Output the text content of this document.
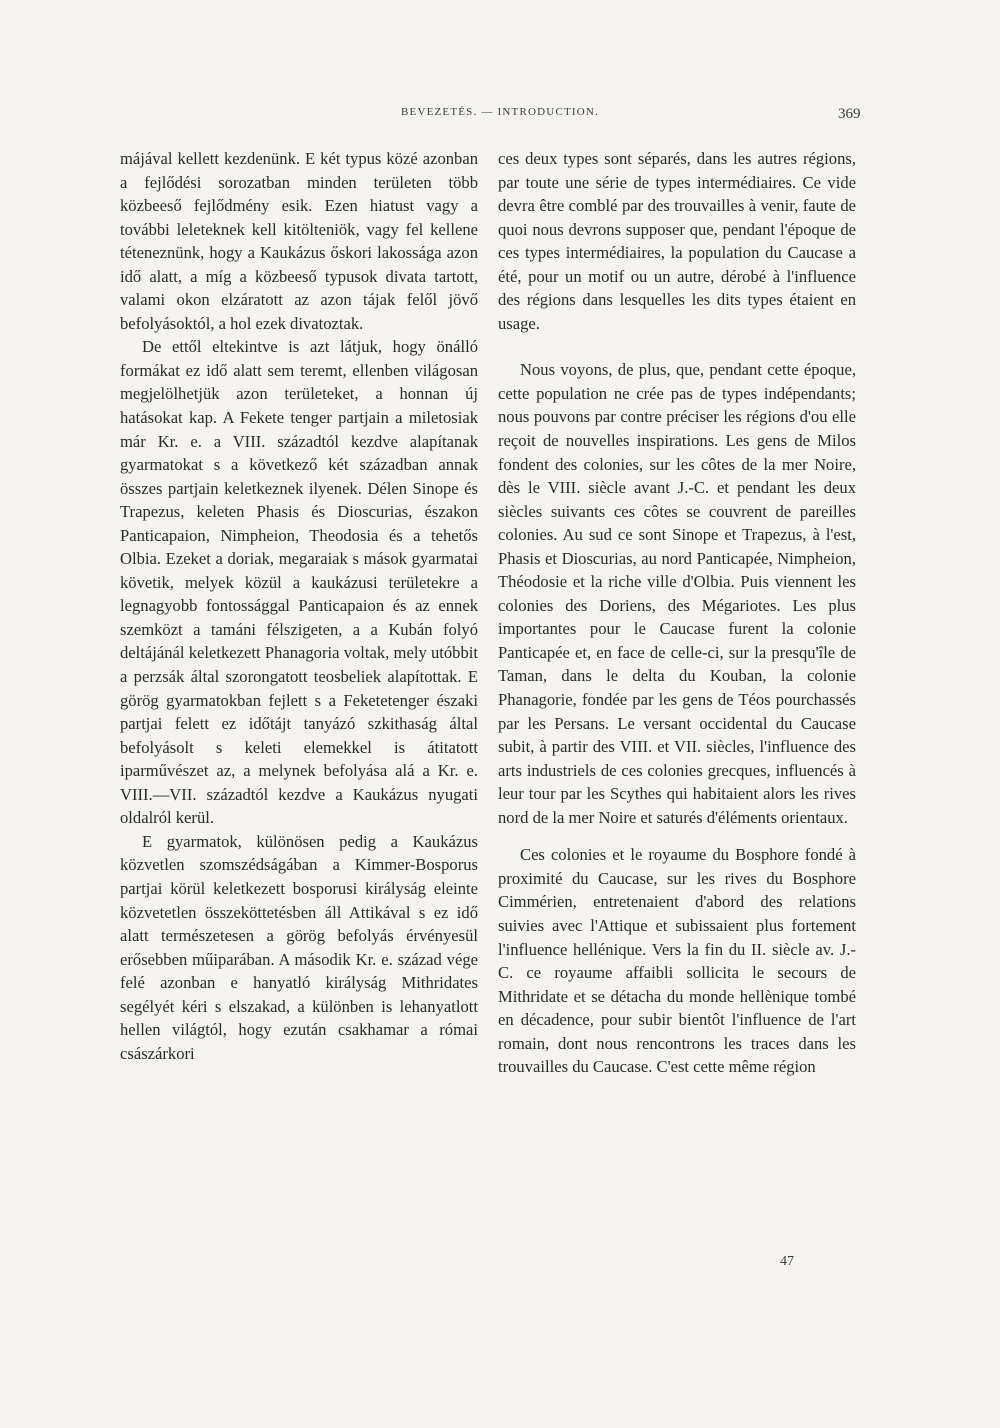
BEVEZETÉS. — INTRODUCTION.	369

májával kellett kezdenünk. E két typus közé azonban a fejlődési sorozatban minden területen több közbeeső fejlődmény esik. Ezen hiatust vagy a további leleteknek kell kitölteniök, vagy fel kellene téteneznünk, hogy a Kaukázus őskori lakossága azon idő alatt, a míg a közbeeső typusok divata tartott, valami okon elzáratott az azon tájak felől jövő befolyásoktól, a hol ezek divatoztak.

De ettől eltekintve is azt látjuk, hogy önálló formákat ez idő alatt sem teremt, ellenben világosan megjelölhetjük azon területeket, a honnan új hatásokat kap. A Fekete tenger partjain a miletosiak már Kr. e. a VIII. századtól kezdve alapítanak gyarmatokat s a következő két században annak összes partjain keletkeznek ilyenek. Délen Sinope és Trapezus, keleten Phasis és Dioscurias, északon Panticapaion, Nimpheion, Theodosia és a tehetős Olbia. Ezeket a doriak, megaraiak s mások gyarmatai követik, melyek közül a kaukázusi területekre a legnagyobb fontossággal Panticapaion és az ennek szemközt a tamáni félszigeten, a a Kubán folyó deltájánál keletkezett Phanagoria voltak, mely utóbbit a perzsák által szorongatott teosbeliek alapítottak. E görög gyarmatokban fejlett s a Feketetenger északi partjai felett ez időtájt tanyázó szkithaság által befolyásolt s keleti elemekkel is átitatott iparművészet az, a melynek befolyása alá a Kr. e. VIII.—VII. századtól kezdve a Kaukázus nyugati oldalról kerül.

E gyarmatok, különösen pedig a Kaukázus közvetlen szomszédságában a Kimmer-Bosporus partjai körül keletkezett bosporusi királyság eleinte közvetetlen összeköttetésben áll Attikával s ez idő alatt természetesen a görög befolyás érvényesül erősebben műiparában. A második Kr. e. század vége felé azonban e hanyatló királyság Mithridates segélyét kéri s elszakad, a különben is lehanyatlott hellen világtól, hogy ezután csakhamar a római császárkori

ces deux types sont séparés, dans les autres régions, par toute une série de types intermédiaires. Ce vide devra être comblé par des trouvailles à venir, faute de quoi nous devrons supposer que, pendant l'époque de ces types intermédiaires, la population du Caucase a été, pour un motif ou un autre, dérobé à l'influence des régions dans lesquelles les dits types étaient en usage.

Nous voyons, de plus, que, pendant cette époque, cette population ne crée pas de types indépendants; nous pouvons par contre préciser les régions d'ou elle reçoit de nouvelles inspirations. Les gens de Milos fondent des colonies, sur les côtes de la mer Noire, dès le VIII. siècle avant J.-C. et pendant les deux siècles suivants ces côtes se couvrent de pareilles colonies. Au sud ce sont Sinope et Trapezus, à l'est, Phasis et Dioscurias, au nord Panticapée, Nimpheion, Théodosie et la riche ville d'Olbia. Puis viennent les colonies des Doriens, des Mégariotes. Les plus importantes pour le Caucase furent la colonie Panticapée et, en face de celle-ci, sur la presqu'île de Taman, dans le delta du Kouban, la colonie Phanagorie, fondée par les gens de Téos pourchassés par les Persans. Le versant occidental du Caucase subit, à partir des VIII. et VII. siècles, l'influence des arts industriels de ces colonies grecques, influencés à leur tour par les Scythes qui habitaient alors les rives nord de la mer Noire et saturés d'éléments orientaux.

Ces colonies et le royaume du Bosphore fondé à proximité du Caucase, sur les rives du Bosphore Cimmérien, entretenaient d'abord des relations suivies avec l'Attique et subissaient plus fortement l'influence hellénique. Vers la fin du II. siècle av. J.-C. ce royaume affaibli sollicita le secours de Mithridate et se détacha du monde hellènique tombé en décadence, pour subir bientôt l'influence de l'art romain, dont nous rencontrons les traces dans les trouvailles du Caucase. C'est cette même région

47
